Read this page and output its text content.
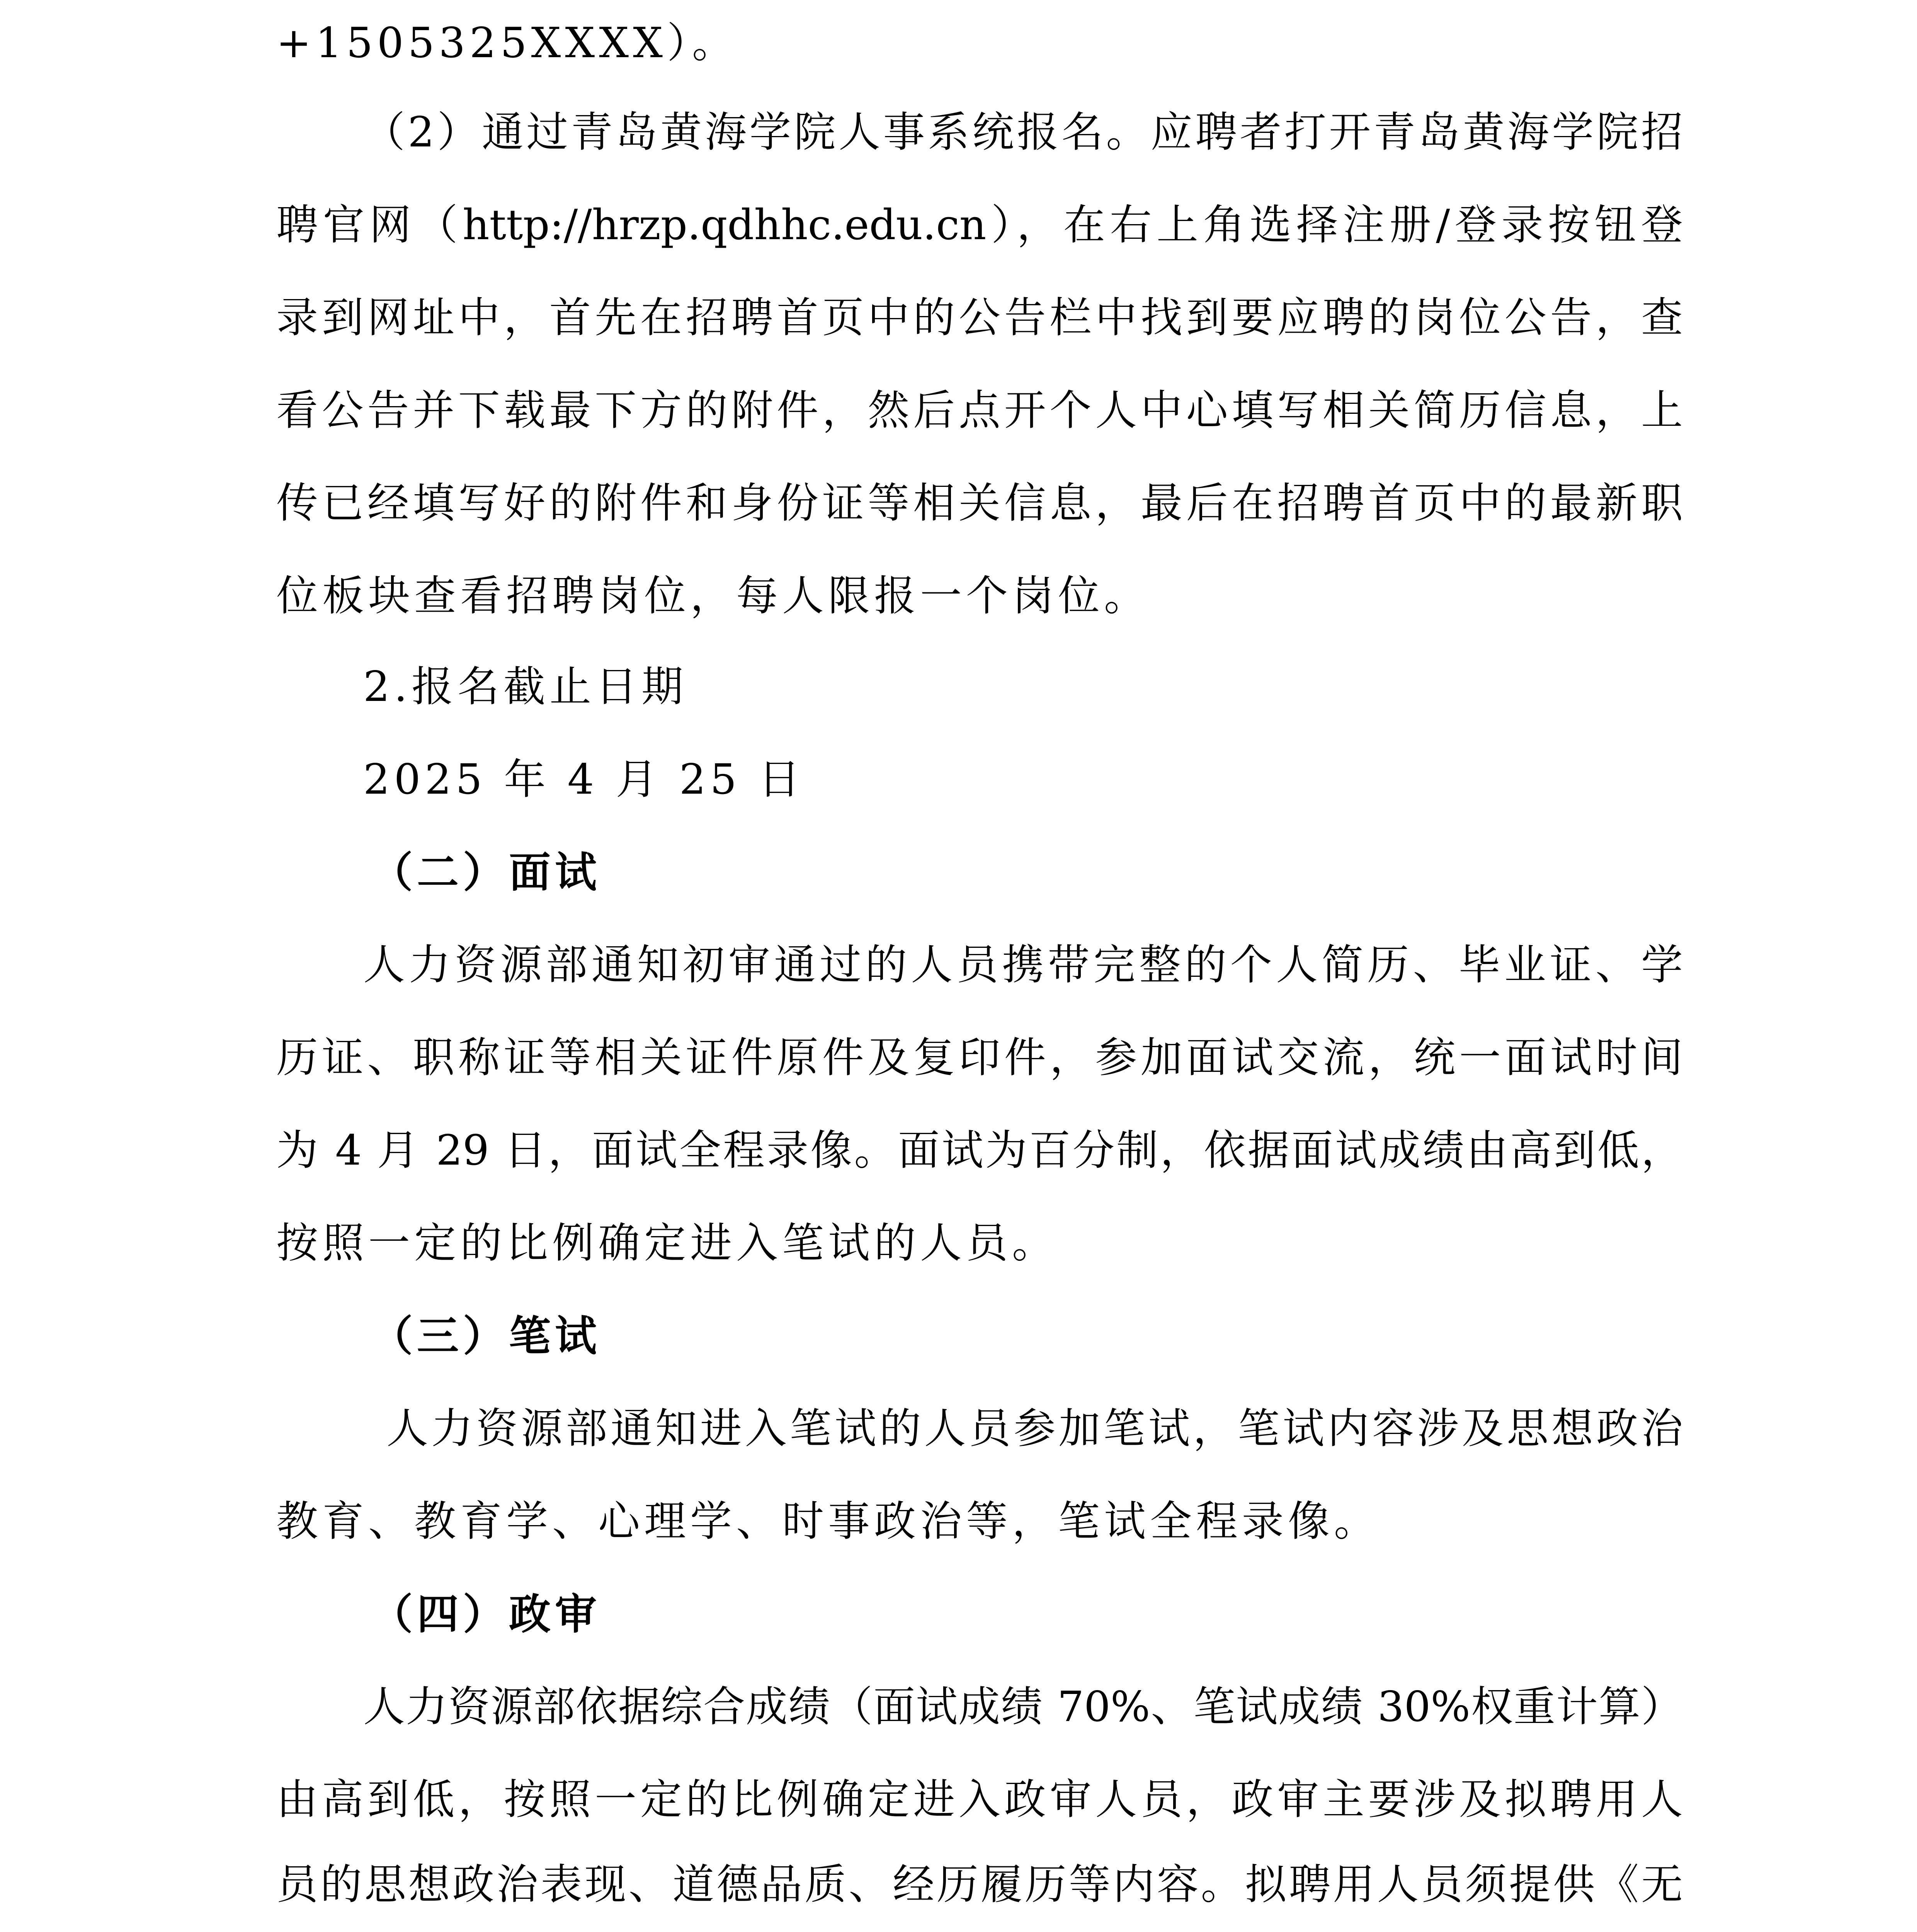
+1505325XXXX）。
（2）通过青岛黄海学院人事系统报名。应聘者打开青岛黄海学院招
聘官网（http://hrzp.qdhhc.edu.cn），在右上角选择注册/登录按钮登
录到网址中，首先在招聘首页中的公告栏中找到要应聘的岗位公告，查
看公告并下载最下方的附件，然后点开个人中心填写相关简历信息，上
传已经填写好的附件和身份证等相关信息，最后在招聘首页中的最新职
位板块查看招聘岗位，每人限报一个岗位。
2.报名截止日期
2025 年 4 月 25 日
（二）面试
人力资源部通知初审通过的人员携带完整的个人简历、毕业证、学
历证、职称证等相关证件原件及复印件，参加面试交流，统一面试时间
为 4 月 29 日，面试全程录像。面试为百分制，依据面试成绩由高到低，
按照一定的比例确定进入笔试的人员。
（三）笔试
人力资源部通知进入笔试的人员参加笔试，笔试内容涉及思想政治
教育、教育学、心理学、时事政治等，笔试全程录像。
（四）政审
人力资源部依据综合成绩（面试成绩 70%、笔试成绩 30%权重计算）
由高到低，按照一定的比例确定进入政审人员，政审主要涉及拟聘用人
员的思想政治表现、道德品质、经历履历等内容。拟聘用人员须提供《无
